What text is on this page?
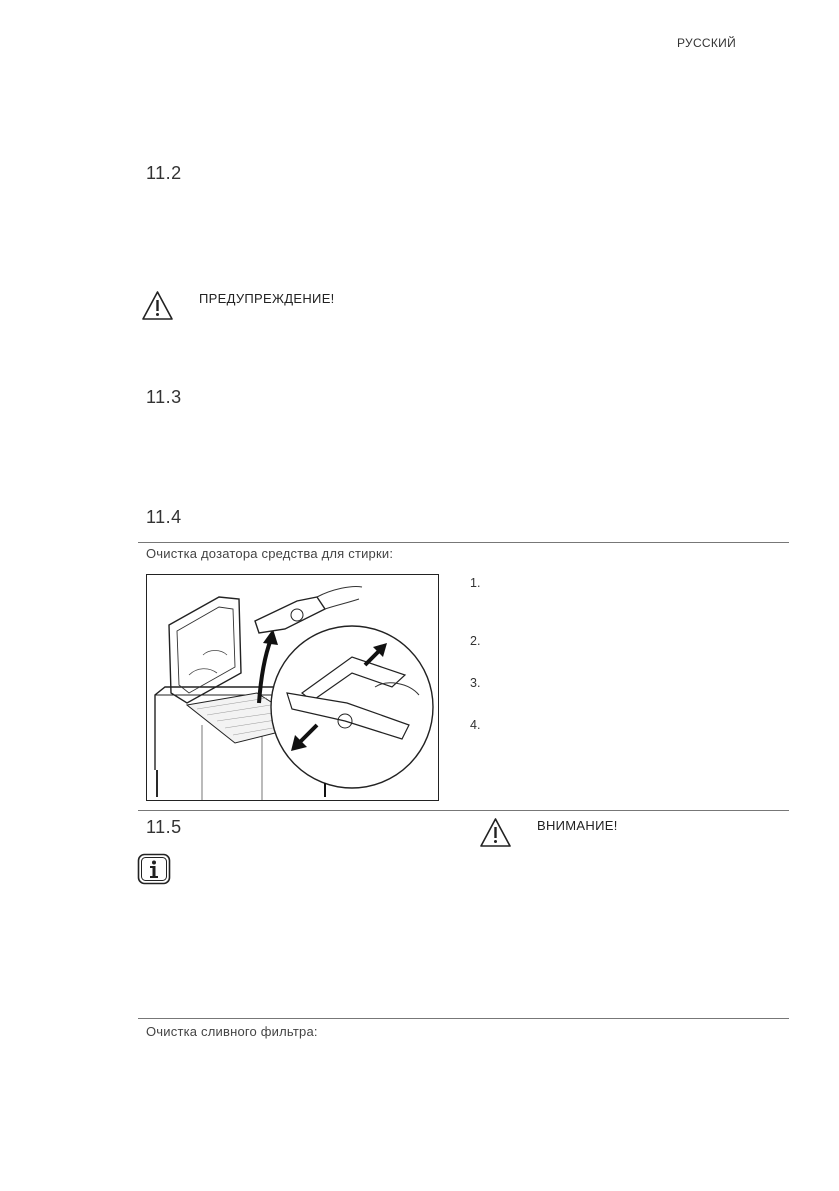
РУССКИЙ
11.2
ПРЕДУПРЕЖДЕНИЕ!
11.3
11.4
Очистка дозатора средства для стирки:
1.
2.
3.
4.
11.5	ВНИМАНИЕ!
Очистка сливного фильтра:
